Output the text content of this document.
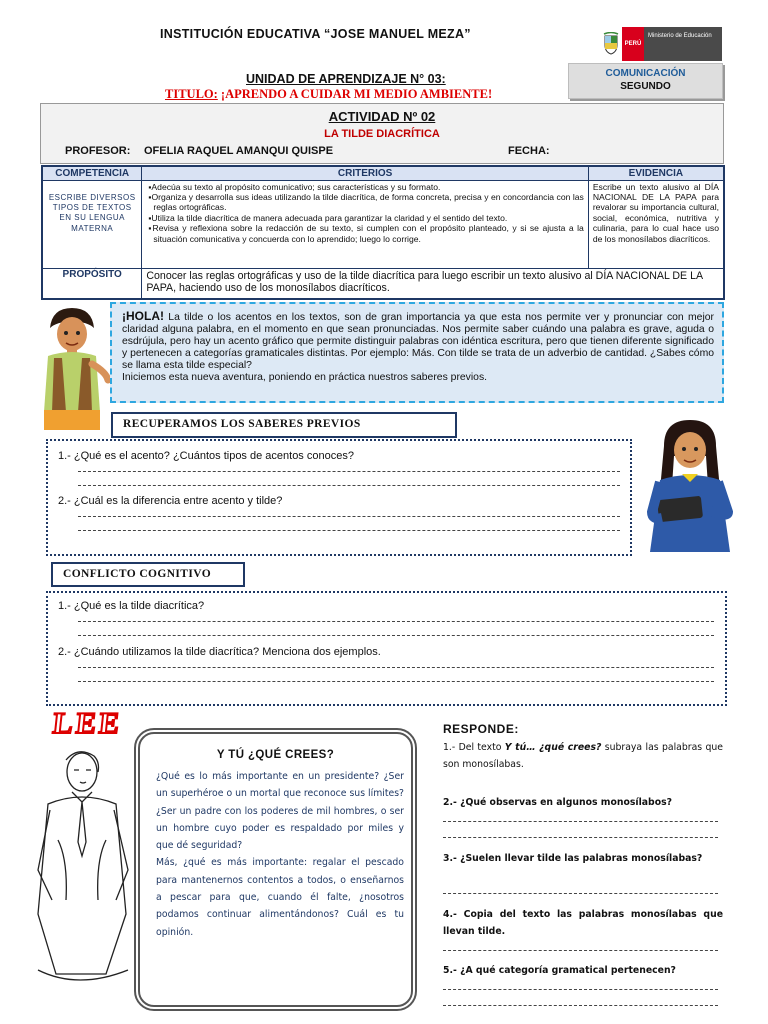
INSTITUCIÓN EDUCATIVA “JOSE MANUEL MEZA”
PERÚ
Ministerio de Educación
COMUNICACIÓN
SEGUNDO
UNIDAD DE APRENDIZAJE N° 03:
TITULO: ¡APRENDO A CUIDAR MI MEDIO AMBIENTE!
ACTIVIDAD Nº 02
LA TILDE DIACRÍTICA
PROFESOR: OFELIA RAQUEL AMANQUI QUISPE	FECHA:
COMPETENCIA	CRITERIOS	EVIDENCIA
ESCRIBE DIVERSOS TIPOS DE TEXTOS EN SU LENGUA MATERNA	▪Adecúa su texto al propósito comunicativo; sus características y su formato.
▪Organiza y desarrolla sus ideas utilizando la tilde diacrítica, de forma concreta, precisa y en concordancia con las reglas ortográficas.
▪Utiliza la tilde diacrítica de manera adecuada para garantizar la claridad y el sentido del texto.
▪Revisa y reflexiona sobre la redacción de su texto, si cumplen con el propósito planteado, y si se ajusta a la situación comunicativa y concuerda con lo aprendido; luego lo corrige.	Escribe un texto alusivo al DÍA NACIONAL DE LA PAPA para revalorar su importancia cultural, social, económica, nutritiva y culinaria, para lo cual hace uso de los monosílabos diacríticos.
PROPÓSITO	Conocer las reglas ortográficas y uso de la tilde diacrítica para luego escribir un texto alusivo al DÍA NACIONAL DE LA PAPA, haciendo uso de los monosílabos diacríticos.	
¡HOLA! La tilde o los acentos en los textos, son de gran importancia ya que esta nos permite ver y pronunciar con mejor claridad alguna palabra, en el momento en que sean pronunciadas. Nos permite saber cuándo una palabra es grave, aguda o esdrújula, pero hay un acento gráfico que permite distinguir palabras con idéntica escritura, pero que tienen diferente significado y pertenecen a categorías gramaticales distintas. Por ejemplo: Más. Con tilde se trata de un adverbio de cantidad. ¿Sabes cómo se llama esta tilde especial?
Iniciemos esta nueva aventura, poniendo en práctica nuestros saberes previos.
RECUPERAMOS LOS SABERES PREVIOS
1.- ¿Qué es el acento? ¿Cuántos tipos de acentos conoces?
2.- ¿Cuál es la diferencia entre acento y tilde?
CONFLICTO COGNITIVO
1.- ¿Qué es la tilde diacrítica?
2.- ¿Cuándo utilizamos la tilde diacrítica? Menciona dos ejemplos.
LEE
Y TÚ ¿QUÉ CREES?
¿Qué es lo más importante en un presidente? ¿Ser un superhéroe o un mortal que reconoce sus límites? ¿Ser un padre con los poderes de mil hombres, o ser un hombre cuyo poder es respaldado por miles y que dé seguridad?
Más, ¿qué es más importante: regalar el pescado para mantenernos contentos a todos, o enseñarnos a pescar para que, cuando él falte, ¿nosotros podamos continuar alimentándonos? Cuál es tu opinión.
RESPONDE:
1.- Del texto Y tú… ¿qué crees? subraya las palabras que son monosílabas.
2.- ¿Qué observas en algunos monosílabos?
3.- ¿Suelen llevar tilde las palabras monosílabas?
4.- Copia del texto las palabras monosílabas que llevan tilde.
5.- ¿A qué categoría gramatical pertenecen?
